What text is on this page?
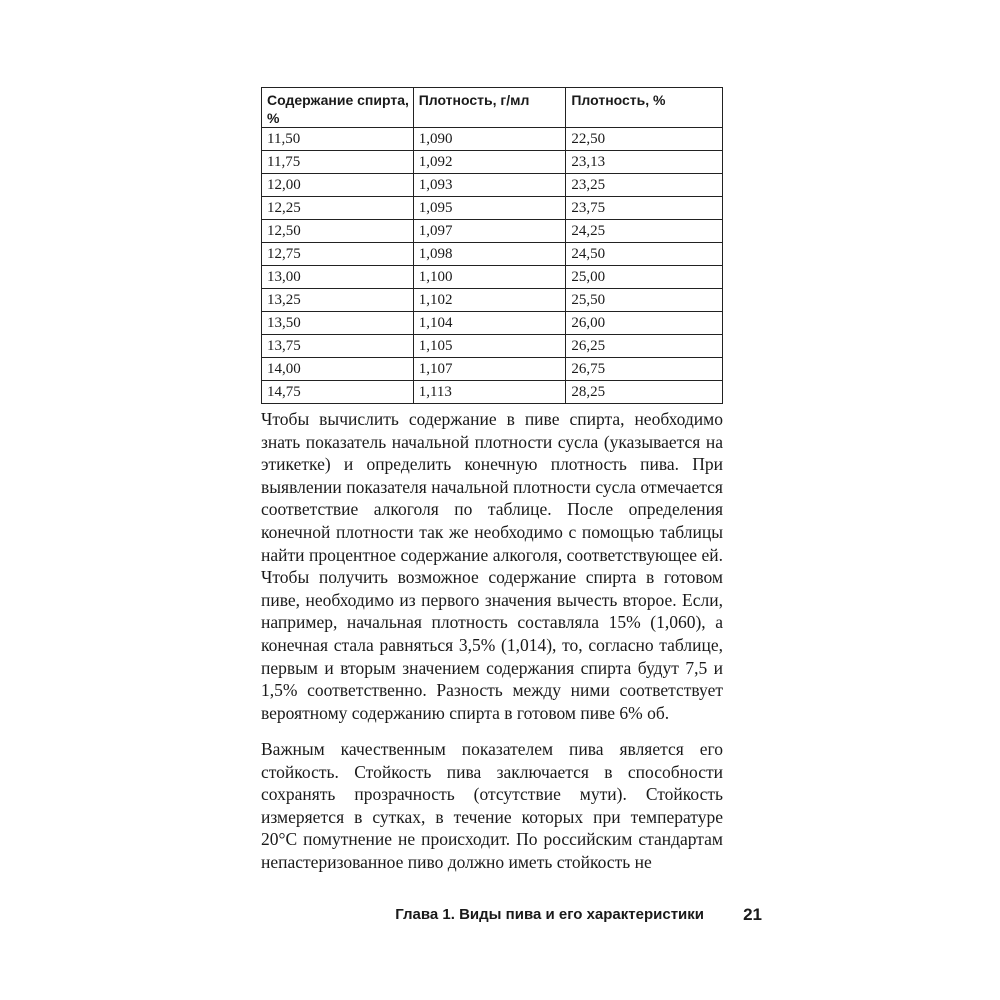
Содержание спирта, %	Плотность, г/мл	Плотность, %
11,50	1,090	22,50
11,75	1,092	23,13
12,00	1,093	23,25
12,25	1,095	23,75
12,50	1,097	24,25
12,75	1,098	24,50
13,00	1,100	25,00
13,25	1,102	25,50
13,50	1,104	26,00
13,75	1,105	26,25
14,00	1,107	26,75
14,75	1,113	28,25

Чтобы вычислить содержание в пиве спирта, необходимо знать показатель начальной плотности сусла (указывается на этикетке) и определить конечную плотность пива. При выявлении показателя начальной плотности сусла отмечается соответствие алкоголя по таблице. После определения конечной плотности так же необходимо с помощью таблицы найти процентное содержание алкоголя, соответствующее ей. Чтобы получить возможное содержание спирта в готовом пиве, необходимо из первого значения вычесть второе. Если, например, начальная плотность составляла 15% (1,060), а конечная стала равняться 3,5% (1,014), то, согласно таблице, первым и вторым значением содержания спирта будут 7,5 и 1,5% соответственно. Разность между ними соответствует вероятному содержанию спирта в готовом пиве 6% об.

Важным качественным показателем пива является его стойкость. Стойкость пива заключается в способности сохранять прозрачность (отсутствие мути). Стойкость измеряется в сутках, в течение которых при температуре 20°C помутнение не происходит. По российским стандартам непастеризованное пиво должно иметь стойкость не

Глава 1. Виды пива и его характеристики 21
